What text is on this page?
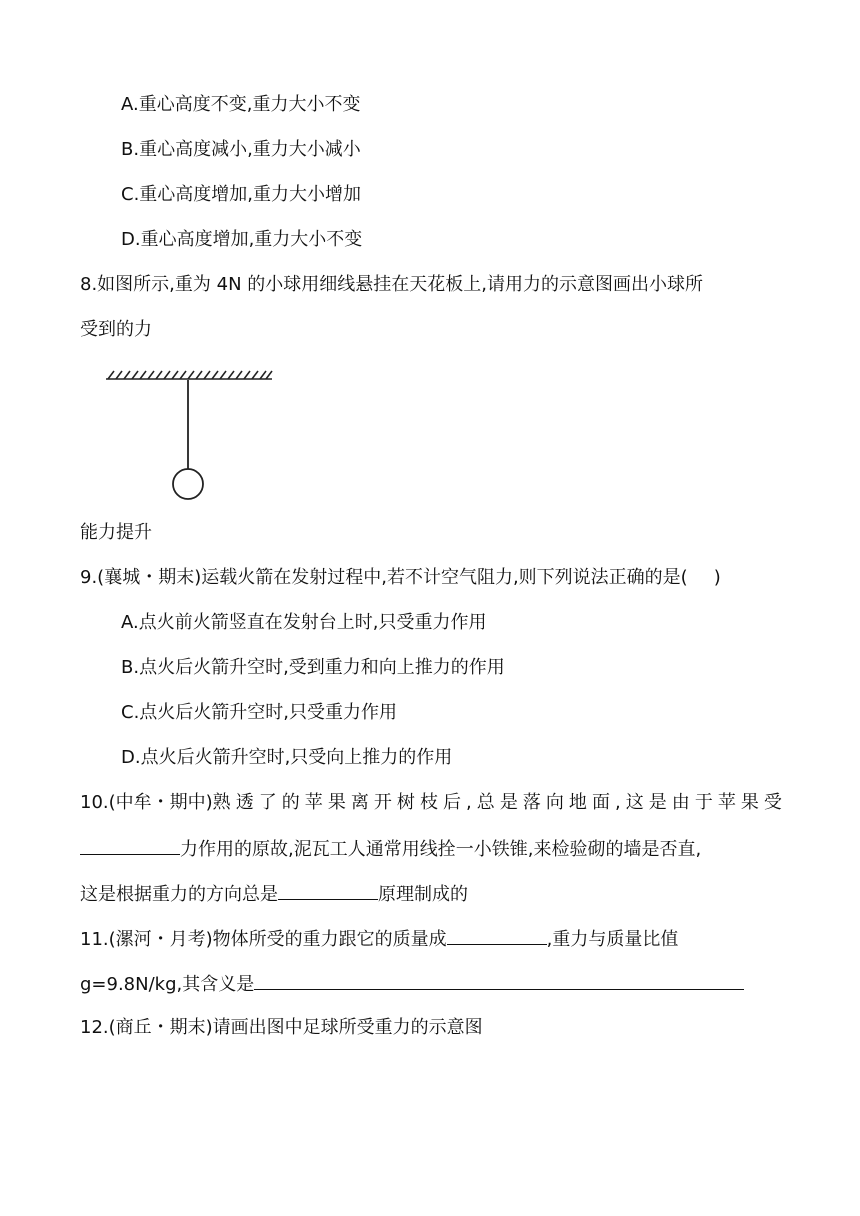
A.重心高度不变,重力大小不变
B.重心高度减小,重力大小减小
C.重心高度增加,重力大小增加
D.重心高度增加,重力大小不变
8.如图所示,重为 4N 的小球用细线悬挂在天花板上,请用力的示意图画出小球所
受到的力
能力提升
9.(襄城・期末)运载火箭在发射过程中,若不计空气阻力,则下列说法正确的是( )
A.点火前火箭竖直在发射台上时,只受重力作用
B.点火后火箭升空时,受到重力和向上推力的作用
C.点火后火箭升空时,只受重力作用
D.点火后火箭升空时,只受向上推力的作用
10.(中牟・期中)熟 透 了 的 苹 果 离 开 树 枝 后 , 总 是 落 向 地 面 , 这 是 由 于 苹 果 受
力作用的原故,泥瓦工人通常用线拴一小铁锥,来检验砌的墙是否直,
这是根据重力的方向总是	原理制成的
11.(漯河・月考)物体所受的重力跟它的质量成	,重力与质量比值
g=9.8N/kg,其含义是
12.(商丘・期末)请画出图中足球所受重力的示意图
